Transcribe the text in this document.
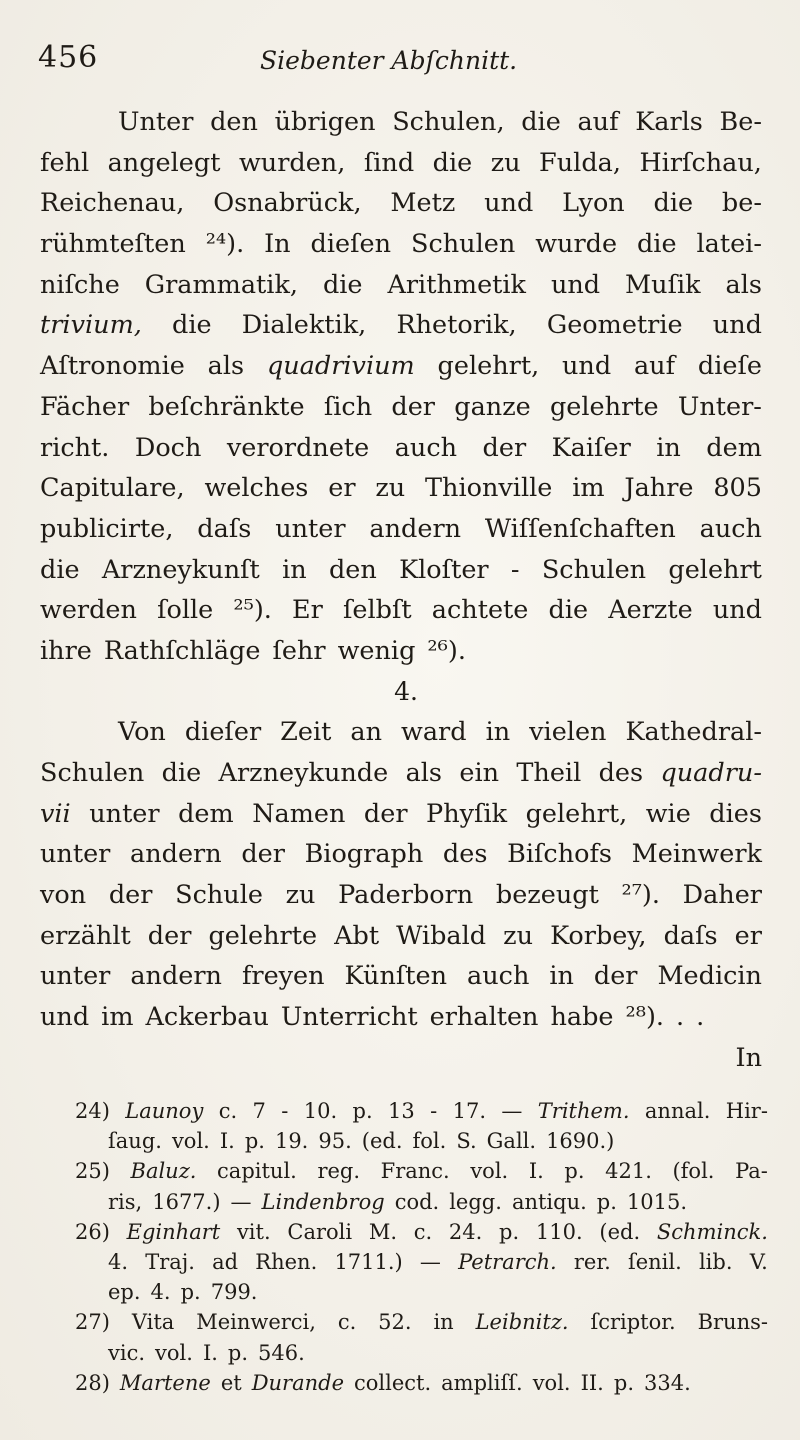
456	Siebenter Abſchnitt.
Unter den übrigen Schulen, die auf Karls Be-
fehl angelegt wurden, ſind die zu Fulda, Hirſchau,
Reichenau, Osnabrück, Metz und Lyon die be-
rühmteſten ²⁴). In dieſen Schulen wurde die latei-
niſche Grammatik, die Arithmetik und Muſik als
trivium, die Dialektik, Rhetorik, Geometrie und
Aſtronomie als quadrivium gelehrt, und auf dieſe
Fächer beſchränkte ſich der ganze gelehrte Unter-
richt. Doch verordnete auch der Kaiſer in dem
Capitulare, welches er zu Thionville im Jahre 805
publicirte, daſs unter andern Wiſſenſchaften auch
die Arzneykunſt in den Kloſter - Schulen gelehrt
werden ſolle ²⁵). Er ſelbſt achtete die Aerzte und
ihre Rathſchläge ſehr wenig ²⁶).
4.
Von dieſer Zeit an ward in vielen Kathedral-
Schulen die Arzneykunde als ein Theil des quadru-
vii unter dem Namen der Phyſik gelehrt, wie dies
unter andern der Biograph des Biſchofs Meinwerk
von der Schule zu Paderborn bezeugt ²⁷). Daher
erzählt der gelehrte Abt Wibald zu Korbey, daſs er
unter andern freyen Künſten auch in der Medicin
und im Ackerbau Unterricht erhalten habe ²⁸). . .
In
24) Launoy c. 7 - 10. p. 13 - 17. — Trithem. annal. Hir-
ſaug. vol. I. p. 19. 95. (ed. fol. S. Gall. 1690.)
25) Baluz. capitul. reg. Franc. vol. I. p. 421. (fol. Pa-
ris, 1677.) — Lindenbrog cod. legg. antiqu. p. 1015.
26) Eginhart vit. Caroli M. c. 24. p. 110. (ed. Schminck.
4. Traj. ad Rhen. 1711.) — Petrarch. rer. ſenil. lib. V.
ep. 4. p. 799.
27) Vita Meinwerci, c. 52. in Leibnitz. ſcriptor. Bruns-
vic. vol. I. p. 546.
28) Martene et Durande collect. ampliſſ. vol. II. p. 334.
